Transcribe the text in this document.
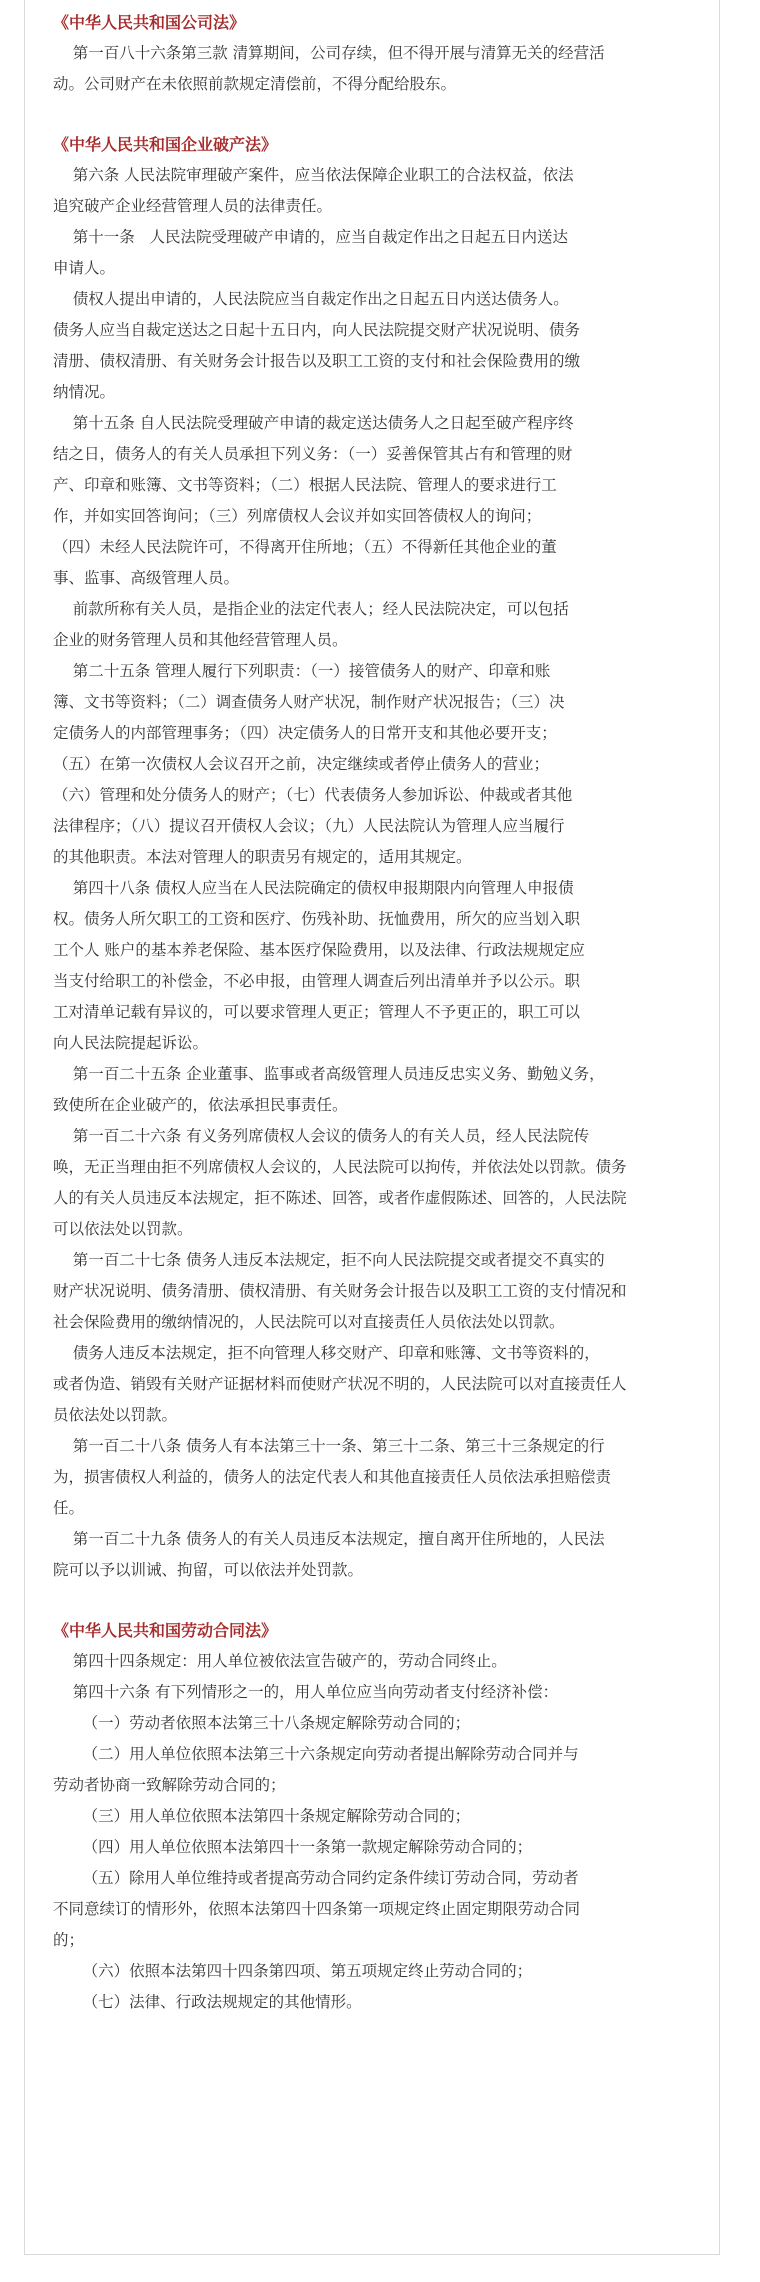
《中华人民共和国公司法》

第一百八十六条第三款 清算期间，公司存续，但不得开展与清算无关的经营活
动。公司财产在未依照前款规定清偿前，不得分配给股东。

《中华人民共和国企业破产法》

第六条 人民法院审理破产案件，应当依法保障企业职工的合法权益，依法
追究破产企业经营管理人员的法律责任。

第十一条   人民法院受理破产申请的，应当自裁定作出之日起五日内送达
申请人。

债权人提出申请的，人民法院应当自裁定作出之日起五日内送达债务人。
债务人应当自裁定送达之日起十五日内，向人民法院提交财产状况说明、债务
清册、债权清册、有关财务会计报告以及职工工资的支付和社会保险费用的缴
纳情况。

第十五条 自人民法院受理破产申请的裁定送达债务人之日起至破产程序终
结之日，债务人的有关人员承担下列义务：（一）妥善保管其占有和管理的财
产、印章和账簿、文书等资料；（二）根据人民法院、管理人的要求进行工
作，并如实回答询问；（三）列席债权人会议并如实回答债权人的询问；
（四）未经人民法院许可，不得离开住所地；（五）不得新任其他企业的董
事、监事、高级管理人员。

前款所称有关人员，是指企业的法定代表人；经人民法院决定，可以包括
企业的财务管理人员和其他经营管理人员。

第二十五条 管理人履行下列职责：（一）接管债务人的财产、印章和账
簿、文书等资料；（二）调查债务人财产状况，制作财产状况报告；（三）决
定债务人的内部管理事务；（四）决定债务人的日常开支和其他必要开支；
（五）在第一次债权人会议召开之前，决定继续或者停止债务人的营业；
（六）管理和处分债务人的财产；（七）代表债务人参加诉讼、仲裁或者其他
法律程序；（八）提议召开债权人会议；（九）人民法院认为管理人应当履行
的其他职责。本法对管理人的职责另有规定的，适用其规定。

第四十八条 债权人应当在人民法院确定的债权申报期限内向管理人申报债
权。债务人所欠职工的工资和医疗、伤残补助、抚恤费用，所欠的应当划入职
工个人 账户的基本养老保险、基本医疗保险费用，以及法律、行政法规规定应
当支付给职工的补偿金，不必申报，由管理人调查后列出清单并予以公示。职
工对清单记载有异议的，可以要求管理人更正；管理人不予更正的，职工可以
向人民法院提起诉讼。

第一百二十五条 企业董事、监事或者高级管理人员违反忠实义务、勤勉义务，
致使所在企业破产的，依法承担民事责任。

第一百二十六条 有义务列席债权人会议的债务人的有关人员，经人民法院传
唤，无正当理由拒不列席债权人会议的，人民法院可以拘传，并依法处以罚款。债务
人的有关人员违反本法规定，拒不陈述、回答，或者作虚假陈述、回答的，人民法院
可以依法处以罚款。

第一百二十七条 债务人违反本法规定，拒不向人民法院提交或者提交不真实的
财产状况说明、债务清册、债权清册、有关财务会计报告以及职工工资的支付情况和
社会保险费用的缴纳情况的，人民法院可以对直接责任人员依法处以罚款。

债务人违反本法规定，拒不向管理人移交财产、印章和账簿、文书等资料的，
或者伪造、销毁有关财产证据材料而使财产状况不明的，人民法院可以对直接责任人
员依法处以罚款。

第一百二十八条 债务人有本法第三十一条、第三十二条、第三十三条规定的行
为，损害债权人利益的，债务人的法定代表人和其他直接责任人员依法承担赔偿责
任。

第一百二十九条 债务人的有关人员违反本法规定，擅自离开住所地的，人民法
院可以予以训诫、拘留，可以依法并处罚款。

《中华人民共和国劳动合同法》

第四十四条规定：用人单位被依法宣告破产的，劳动合同终止。

第四十六条 有下列情形之一的，用人单位应当向劳动者支付经济补偿：

（一）劳动者依照本法第三十八条规定解除劳动合同的；

（二）用人单位依照本法第三十六条规定向劳动者提出解除劳动合同并与
劳动者协商一致解除劳动合同的；

（三）用人单位依照本法第四十条规定解除劳动合同的；

（四）用人单位依照本法第四十一条第一款规定解除劳动合同的；

（五）除用人单位维持或者提高劳动合同约定条件续订劳动合同，劳动者
不同意续订的情形外，依照本法第四十四条第一项规定终止固定期限劳动合同
的；

（六）依照本法第四十四条第四项、第五项规定终止劳动合同的；

（七）法律、行政法规规定的其他情形。
